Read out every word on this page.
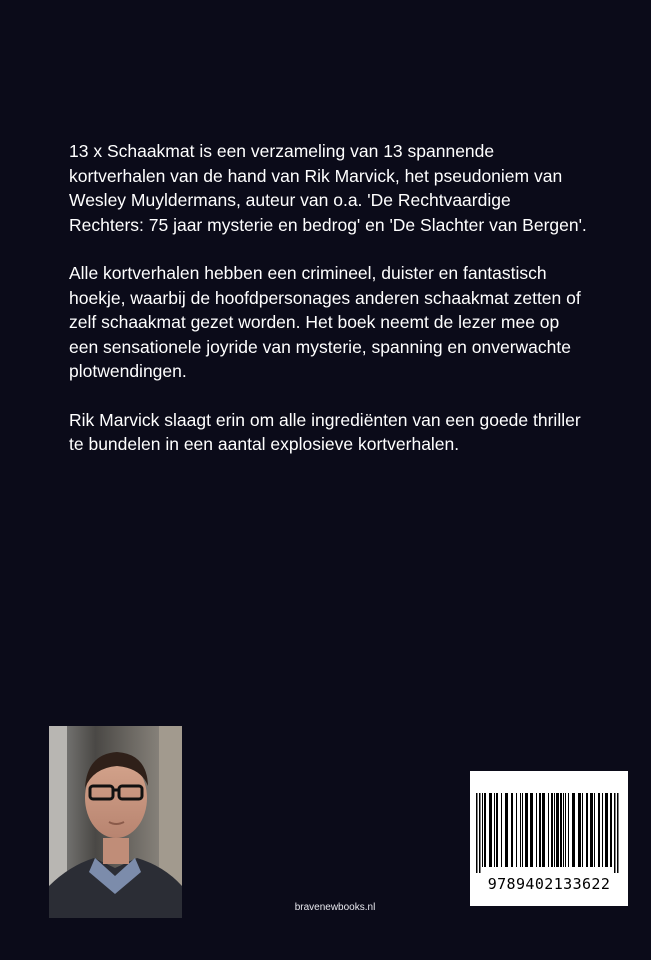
13 x Schaakmat is een verzameling van 13 spannende kortverhalen van de hand van Rik Marvick, het pseudoniem van Wesley Muyldermans, auteur van o.a. 'De Rechtvaardige Rechters: 75 jaar mysterie en bedrog' en 'De Slachter van Bergen'.

Alle kortverhalen hebben een crimineel, duister en fantastisch hoekje, waarbij de hoofdpersonages anderen schaakmat zetten of zelf schaakmat gezet worden. Het boek neemt de lezer mee op een sensationele joyride van mysterie, spanning en onverwachte plotwendingen.

Rik Marvick slaagt erin om alle ingrediënten van een goede thriller te bundelen in een aantal explosieve kortverhalen.

bravenewbooks.nl
9789402133622
